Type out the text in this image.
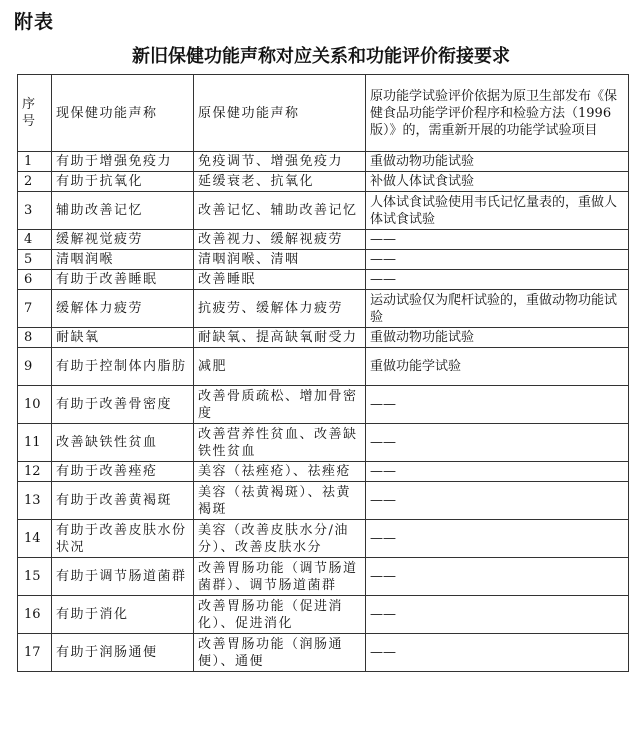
附表
新旧保健功能声称对应关系和功能评价衔接要求
序号	现保健功能声称	原保健功能声称	原功能学试验评价依据为原卫生部发布《保健食品功能学评价程序和检验方法（1996 版）》的，需重新开展的功能学试验项目
1	有助于增强免疫力	免疫调节、增强免疫力	重做动物功能试验
2	有助于抗氧化	延缓衰老、抗氧化	补做人体试食试验
3	辅助改善记忆	改善记忆、辅助改善记忆	人体试食试验使用韦氏记忆量表的，重做人体试食试验
4	缓解视觉疲劳	改善视力、缓解视疲劳	——
5	清咽润喉	清咽润喉、清咽	——
6	有助于改善睡眠	改善睡眠	——
7	缓解体力疲劳	抗疲劳、缓解体力疲劳	运动试验仅为爬杆试验的，重做动物功能试验
8	耐缺氧	耐缺氧、提高缺氧耐受力	重做动物功能试验
9	有助于控制体内脂肪	减肥	重做功能学试验
10	有助于改善骨密度	改善骨质疏松、增加骨密度	——
11	改善缺铁性贫血	改善营养性贫血、改善缺铁性贫血	——
12	有助于改善痤疮	美容（祛痤疮）、祛痤疮	——
13	有助于改善黄褐斑	美容（祛黄褐斑）、祛黄褐斑	——
14	有助于改善皮肤水份状况	美容（改善皮肤水分/油分）、改善皮肤水分	——
15	有助于调节肠道菌群	改善胃肠功能（调节肠道菌群）、调节肠道菌群	——
16	有助于消化	改善胃肠功能（促进消化）、促进消化	——
17	有助于润肠通便	改善胃肠功能（润肠通便）、通便	——
